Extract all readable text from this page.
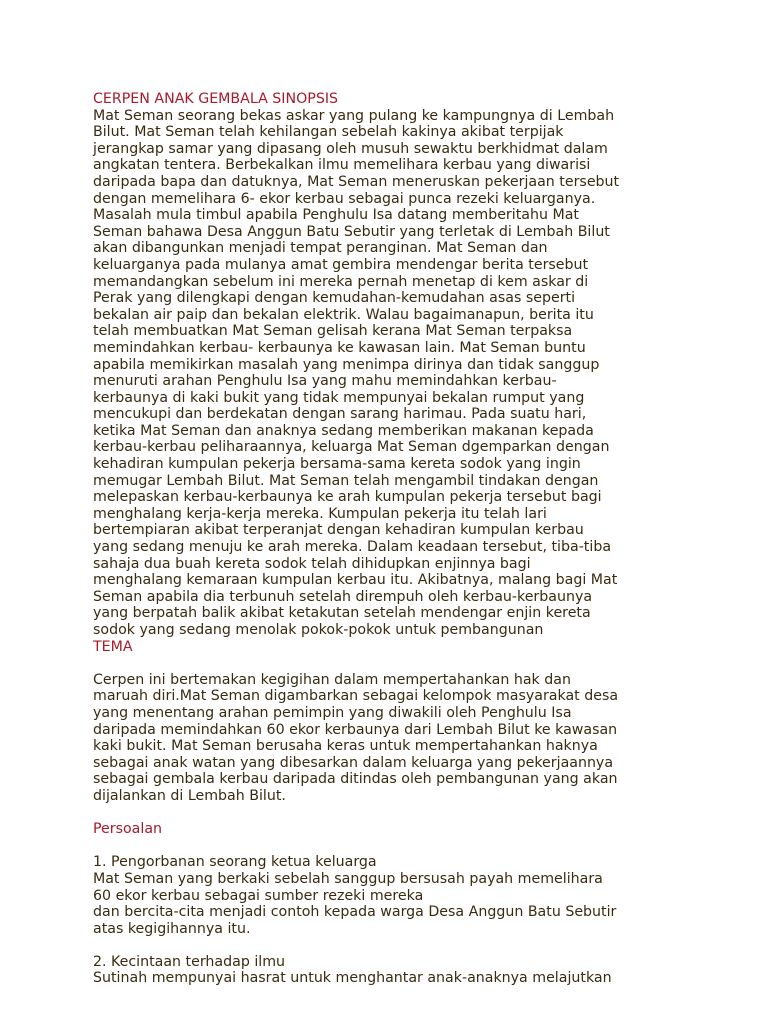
CERPEN ANAK GEMBALA SINOPSIS
Mat Seman seorang bekas askar yang pulang ke kampungnya di Lembah
Bilut. Mat Seman telah kehilangan sebelah kakinya akibat terpijak
jerangkap samar yang dipasang oleh musuh sewaktu berkhidmat dalam
angkatan tentera. Berbekalkan ilmu memelihara kerbau yang diwarisi
daripada bapa dan datuknya, Mat Seman meneruskan pekerjaan tersebut
dengan memelihara 6- ekor kerbau sebagai punca rezeki keluarganya.
Masalah mula timbul apabila Penghulu Isa datang memberitahu Mat
Seman bahawa Desa Anggun Batu Sebutir yang terletak di Lembah Bilut
akan dibangunkan menjadi tempat peranginan. Mat Seman dan
keluarganya pada mulanya amat gembira mendengar berita tersebut
memandangkan sebelum ini mereka pernah menetap di kem askar di
Perak yang dilengkapi dengan kemudahan-kemudahan asas seperti
bekalan air paip dan bekalan elektrik. Walau bagaimanapun, berita itu
telah membuatkan Mat Seman gelisah kerana Mat Seman terpaksa
memindahkan kerbau- kerbaunya ke kawasan lain. Mat Seman buntu
apabila memikirkan masalah yang menimpa dirinya dan tidak sanggup
menuruti arahan Penghulu Isa yang mahu memindahkan kerbau-
kerbaunya di kaki bukit yang tidak mempunyai bekalan rumput yang
mencukupi dan berdekatan dengan sarang harimau. Pada suatu hari,
ketika Mat Seman dan anaknya sedang memberikan makanan kepada
kerbau-kerbau peliharaannya, keluarga Mat Seman dgemparkan dengan
kehadiran kumpulan pekerja bersama-sama kereta sodok yang ingin
memugar Lembah Bilut. Mat Seman telah mengambil tindakan dengan
melepaskan kerbau-kerbaunya ke arah kumpulan pekerja tersebut bagi
menghalang kerja-kerja mereka. Kumpulan pekerja itu telah lari
bertempiaran akibat terperanjat dengan kehadiran kumpulan kerbau
yang sedang menuju ke arah mereka. Dalam keadaan tersebut, tiba-tiba
sahaja dua buah kereta sodok telah dihidupkan enjinnya bagi
menghalang kemaraan kumpulan kerbau itu. Akibatnya, malang bagi Mat
Seman apabila dia terbunuh setelah dirempuh oleh kerbau-kerbaunya
yang berpatah balik akibat ketakutan setelah mendengar enjin kereta
sodok yang sedang menolak pokok-pokok untuk pembangunan
TEMA
Cerpen ini bertemakan kegigihan dalam mempertahankan hak dan
maruah diri.Mat Seman digambarkan sebagai kelompok masyarakat desa
yang menentang arahan pemimpin yang diwakili oleh Penghulu Isa
daripada memindahkan 60 ekor kerbaunya dari Lembah Bilut ke kawasan
kaki bukit. Mat Seman berusaha keras untuk mempertahankan haknya
sebagai anak watan yang dibesarkan dalam keluarga yang pekerjaannya
sebagai gembala kerbau daripada ditindas oleh pembangunan yang akan
dijalankan di Lembah Bilut.
Persoalan
1. Pengorbanan seorang ketua keluarga
Mat Seman yang berkaki sebelah sanggup bersusah payah memelihara
60 ekor kerbau sebagai sumber rezeki mereka
dan bercita-cita menjadi contoh kepada warga Desa Anggun Batu Sebutir
atas kegigihannya itu.
2. Kecintaan terhadap ilmu
Sutinah mempunyai hasrat untuk menghantar anak-anaknya melajutkan
